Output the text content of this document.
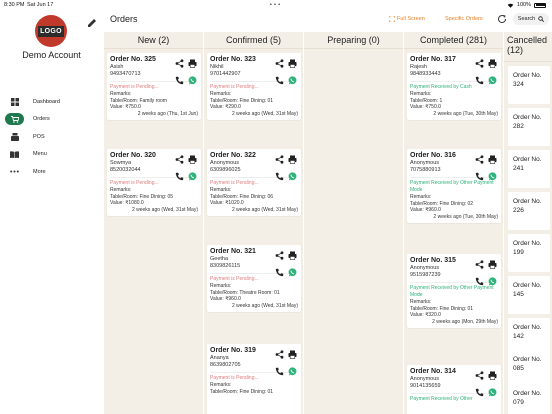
8:30 PM Sat Jun 17	• • •	100%
LOGO
Demo Account
Dashboard
Orders
POS
Menu
More
Orders	Full Screen	Specific Orders	Search
New (2)
Order No. 325
Asish
9493470713
Payment is Pending...
Remarks:
Table/Room: Family room
Value: ₹750.0
2 weeks ago (Thu, 1st Jun)
Order No. 320
Sowmya
8520032044
Payment is Pending...
Remarks:
Table/Room: Fine Dining: 05
Value: ₹1080.0
2 weeks ago (Wed, 31st May)
Confirmed (5)
Order No. 323
Nikhil
9701442907
Payment is Pending...
Remarks:
Table/Room: Fine Dining: 01
Value: ₹290.0
2 weeks ago (Wed, 31st May)
Order No. 322
Anonymous
6309896025
Payment is Pending...
Remarks:
Table/Room: Fine Dining: 06
Value: ₹1020.0
2 weeks ago (Wed, 31st May)
Order No. 321
Geetha
8309826115
Payment is Pending...
Remarks:
Table/Room: Theatre Room: 01
Value: ₹960.0
2 weeks ago (Wed, 31st May)
Order No. 319
Ananya
8639802705
Payment is Pending...
Remarks:
Table/Room: Fine Dining: 01
Preparing (0)	Completed (281)
Order No. 317
Rajesh
9848933443
Payment Received by Cash
Remarks:
Table/Room: 1
Value: ₹750.0
2 weeks ago (Tue, 30th May)
Order No. 316
Anonymous
7075880913
Payment Received by Other Payment Mode
Remarks:
Table/Room: Fine Dining: 02
Value: ₹960.0
2 weeks ago (Tue, 30th May)
Order No. 315
Anonymous
9515987239
Payment Received by Other Payment Mode
Remarks:
Table/Room: Fine Dining: 01
Value: ₹320.0
2 weeks ago (Mon, 29th May)
Order No. 314
Anonymous
9014135659
Payment Received by Other
Cancelled (12)
Order No. 324
Order No. 282
Order No. 241
Order No. 226
Order No. 199
Order No. 145
Order No. 142
Order No. 085
Order No. 079
